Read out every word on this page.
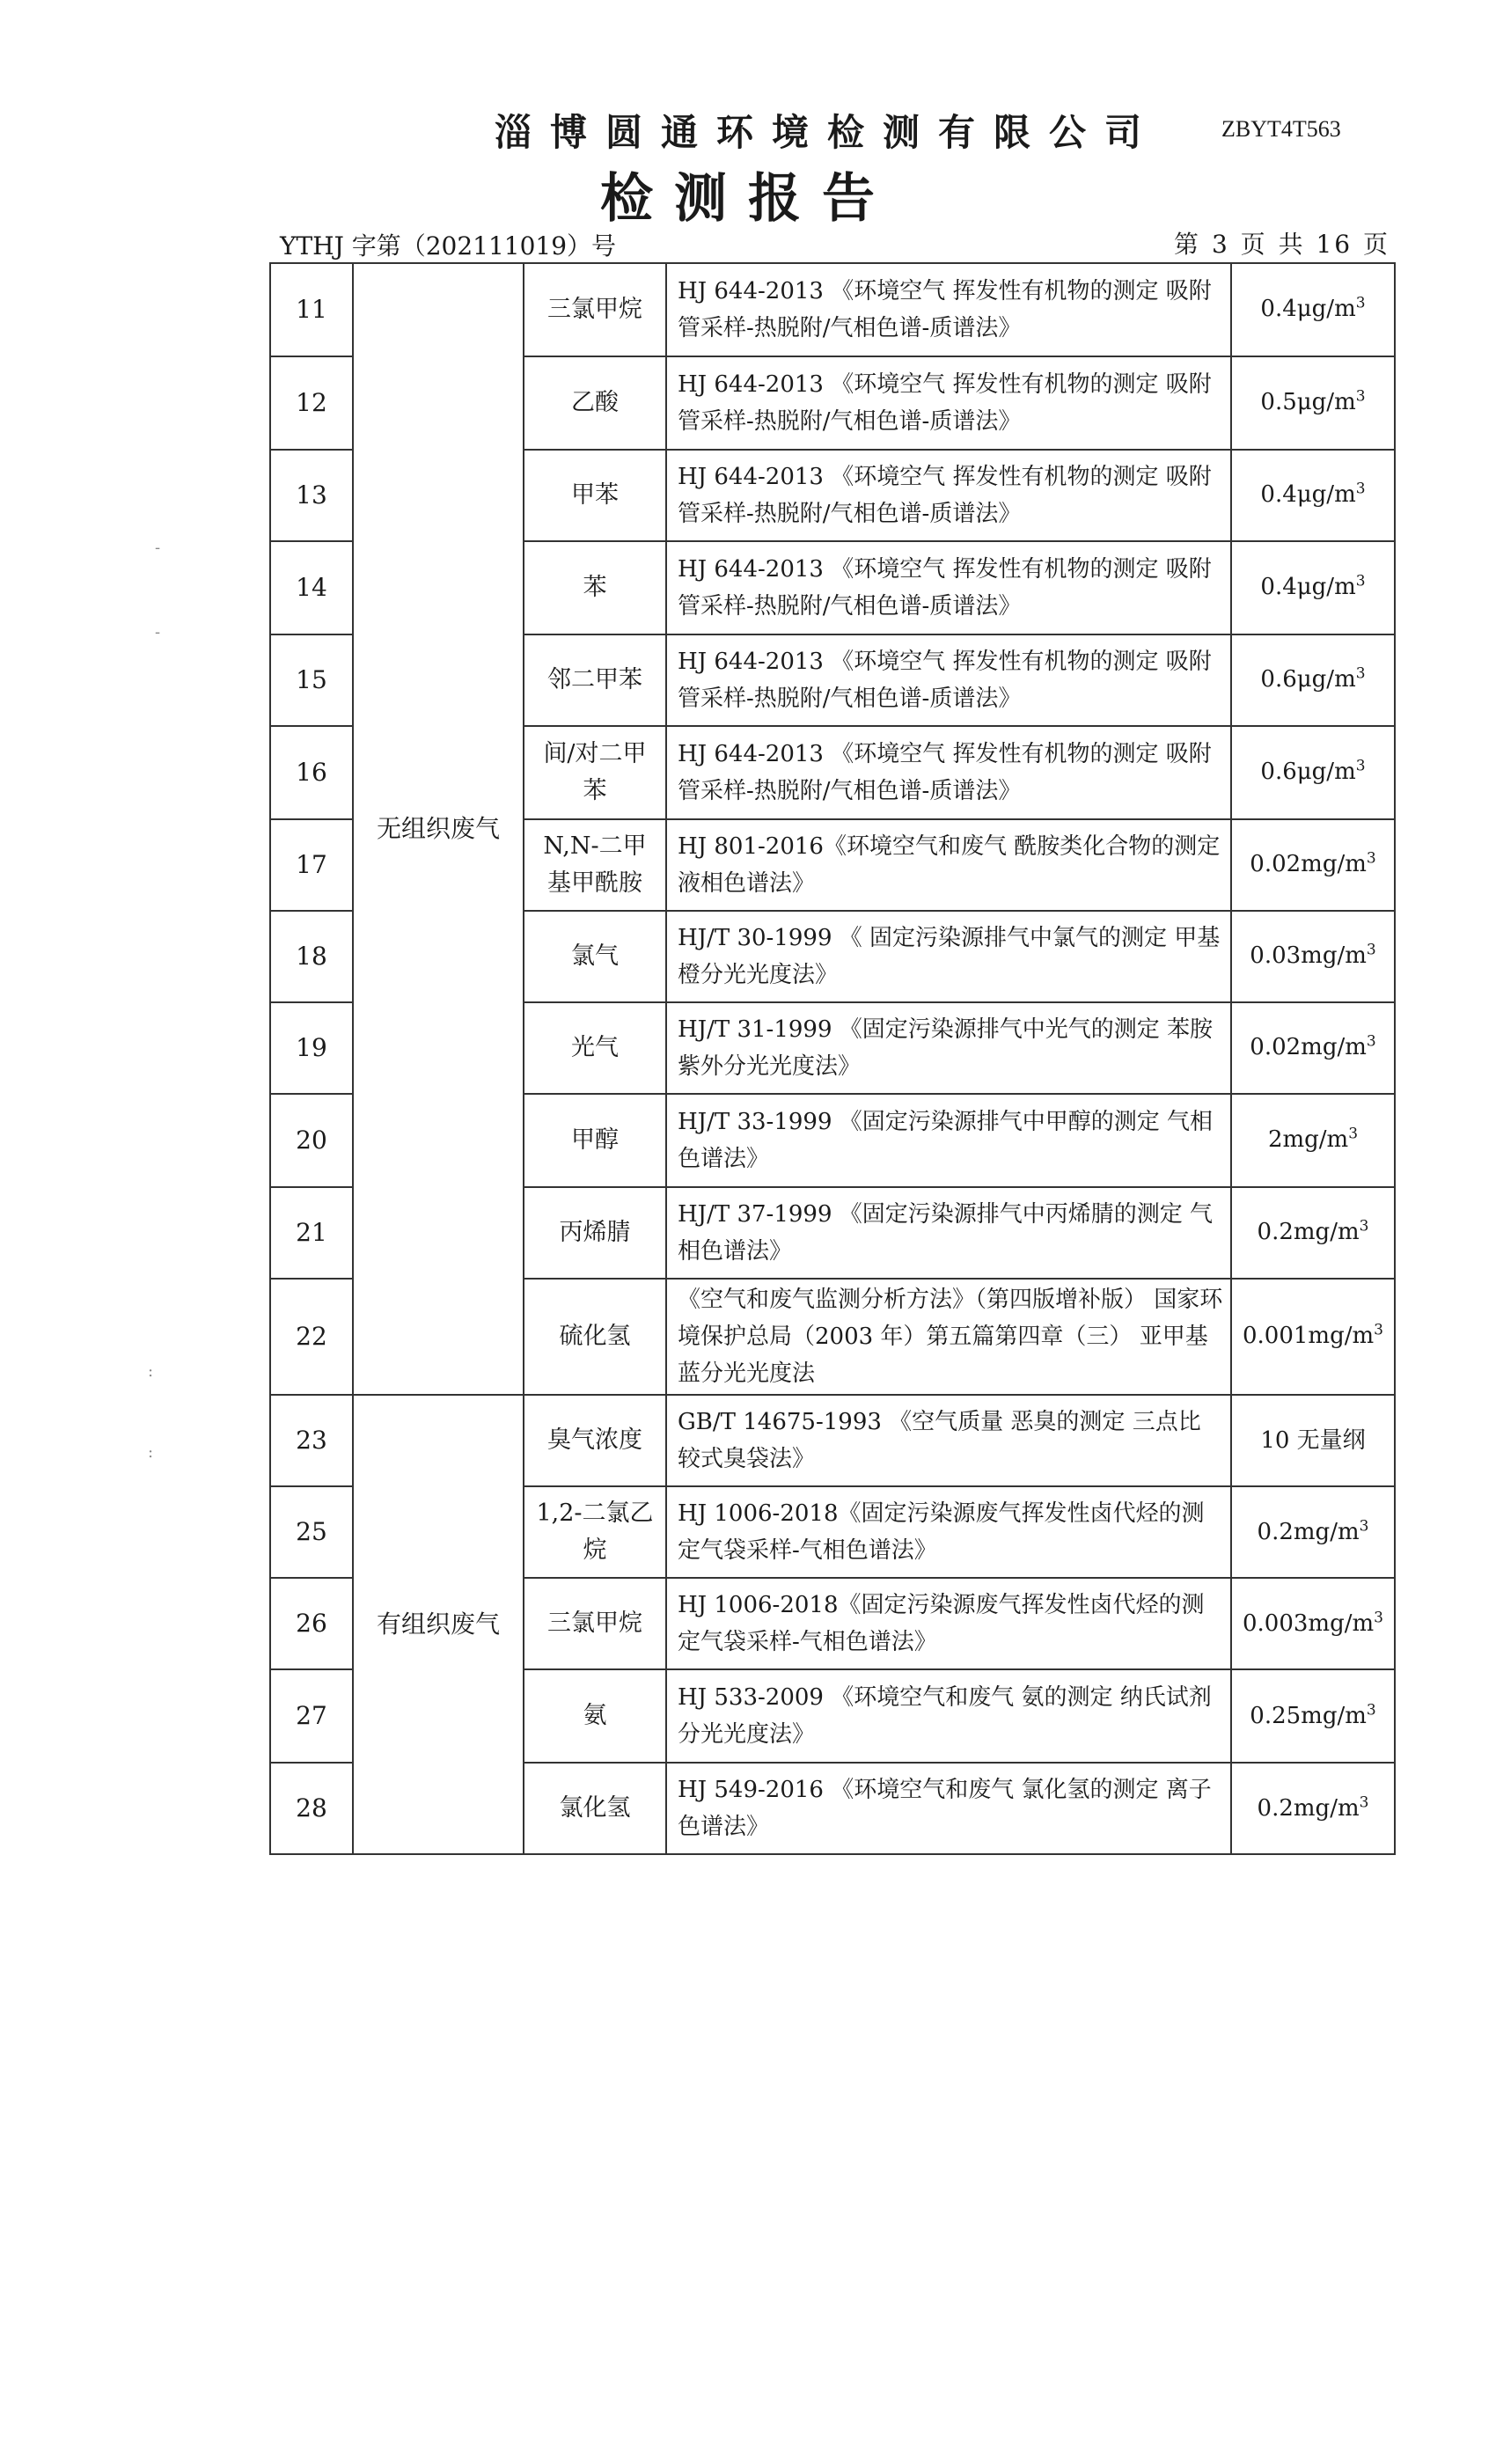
淄博圆通环境检测有限公司	ZBYT4T563
检测报告
YTHJ 字第（202111019）号	第 3 页 共 16 页
11	无组织废气	三氯甲烷	HJ 644-2013 《环境空气 挥发性有机物的测定 吸附管采样-热脱附/气相色谱-质谱法》	$0.4\mu g/m^3$
12		乙酸	HJ 644-2013 《环境空气 挥发性有机物的测定 吸附管采样-热脱附/气相色谱-质谱法》	$0.5\mu g/m^3$
13		甲苯	HJ 644-2013 《环境空气 挥发性有机物的测定 吸附管采样-热脱附/气相色谱-质谱法》	$0.4\mu g/m^3$
14		苯	HJ 644-2013 《环境空气 挥发性有机物的测定 吸附管采样-热脱附/气相色谱-质谱法》	$0.4\mu g/m^3$
15		邻二甲苯	HJ 644-2013 《环境空气 挥发性有机物的测定 吸附管采样-热脱附/气相色谱-质谱法》	$0.6\mu g/m^3$
16		间/对二甲苯	HJ 644-2013 《环境空气 挥发性有机物的测定 吸附管采样-热脱附/气相色谱-质谱法》	$0.6\mu g/m^3$
17		N,N-二甲基甲酰胺	HJ 801-2016《环境空气和废气 酰胺类化合物的测定 液相色谱法》	$0.02mg/m^3$
18		氯气	HJ/T 30-1999 《 固定污染源排气中氯气的测定 甲基橙分光光度法》	$0.03mg/m^3$
19		光气	HJ/T 31-1999 《固定污染源排气中光气的测定 苯胺紫外分光光度法》	$0.02mg/m^3$
20		甲醇	HJ/T 33-1999 《固定污染源排气中甲醇的测定 气相色谱法》	$2mg/m^3$
21		丙烯腈	HJ/T 37-1999 《固定污染源排气中丙烯腈的测定 气相色谱法》	$0.2mg/m^3$
22		硫化氢	《空气和废气监测分析方法》（第四版增补版） 国家环境保护总局（2003 年）第五篇第四章（三） 亚甲基蓝分光光度法	$0.001mg/m^3$
23	有组织废气	臭气浓度	GB/T 14675-1993 《空气质量 恶臭的测定 三点比较式臭袋法》	10 无量纲
25		1,2-二氯乙烷	HJ 1006-2018《固定污染源废气挥发性卤代烃的测定气袋采样-气相色谱法》	$0.2mg/m^3$
26		三氯甲烷	HJ 1006-2018《固定污染源废气挥发性卤代烃的测定气袋采样-气相色谱法》	$0.003mg/m^3$
27		氨	HJ 533-2009 《环境空气和废气 氨的测定 纳氏试剂分光光度法》	$0.25mg/m^3$
28		氯化氢	HJ 549-2016 《环境空气和废气 氯化氢的测定 离子色谱法》	$0.2mg/m^3$
-
-
:
:
